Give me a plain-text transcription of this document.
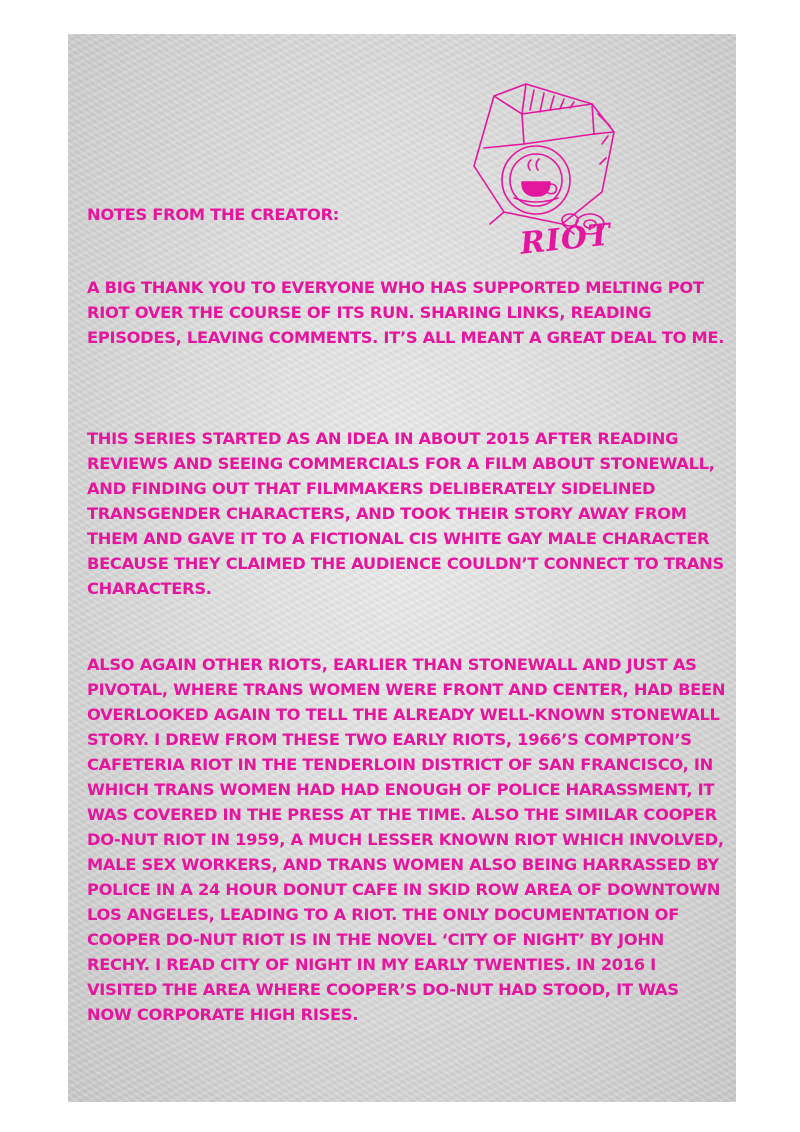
RIOT

NOTES FROM THE CREATOR:

A BIG THANK YOU TO EVERYONE WHO HAS SUPPORTED MELTING POT RIOT OVER THE COURSE OF ITS RUN. SHARING LINKS, READING EPISODES, LEAVING COMMENTS. IT’S ALL MEANT A GREAT DEAL TO ME.

THIS SERIES STARTED AS AN IDEA IN ABOUT 2015 AFTER READING REVIEWS AND SEEING COMMERCIALS FOR A FILM ABOUT STONEWALL, AND FINDING OUT THAT FILMMAKERS DELIBERATELY SIDELINED TRANSGENDER CHARACTERS, AND TOOK THEIR STORY AWAY FROM THEM AND GAVE IT TO A FICTIONAL CIS WHITE GAY MALE CHARACTER BECAUSE THEY CLAIMED THE AUDIENCE COULDN’T CONNECT TO TRANS CHARACTERS.

ALSO AGAIN OTHER RIOTS, EARLIER THAN STONEWALL AND JUST AS PIVOTAL, WHERE TRANS WOMEN WERE FRONT AND CENTER, HAD BEEN OVERLOOKED AGAIN TO TELL THE ALREADY WELL-KNOWN STONEWALL STORY. I DREW FROM THESE TWO EARLY RIOTS, 1966’S COMPTON’S CAFETERIA RIOT IN THE TENDERLOIN DISTRICT OF SAN FRANCISCO, IN WHICH TRANS WOMEN HAD HAD ENOUGH OF POLICE HARASSMENT, IT WAS COVERED IN THE PRESS AT THE TIME. ALSO THE SIMILAR COOPER DO-NUT RIOT IN 1959, A MUCH LESSER KNOWN RIOT WHICH INVOLVED, MALE SEX WORKERS, AND TRANS WOMEN ALSO BEING HARRASSED BY POLICE IN A 24 HOUR DONUT CAFE IN SKID ROW AREA OF DOWNTOWN LOS ANGELES, LEADING TO A RIOT. THE ONLY DOCUMENTATION OF COOPER DO-NUT RIOT IS IN THE NOVEL ‘CITY OF NIGHT’ BY JOHN RECHY. I READ CITY OF NIGHT IN MY EARLY TWENTIES. IN 2016 I VISITED THE AREA WHERE COOPER’S DO-NUT HAD STOOD, IT WAS NOW CORPORATE HIGH RISES.
